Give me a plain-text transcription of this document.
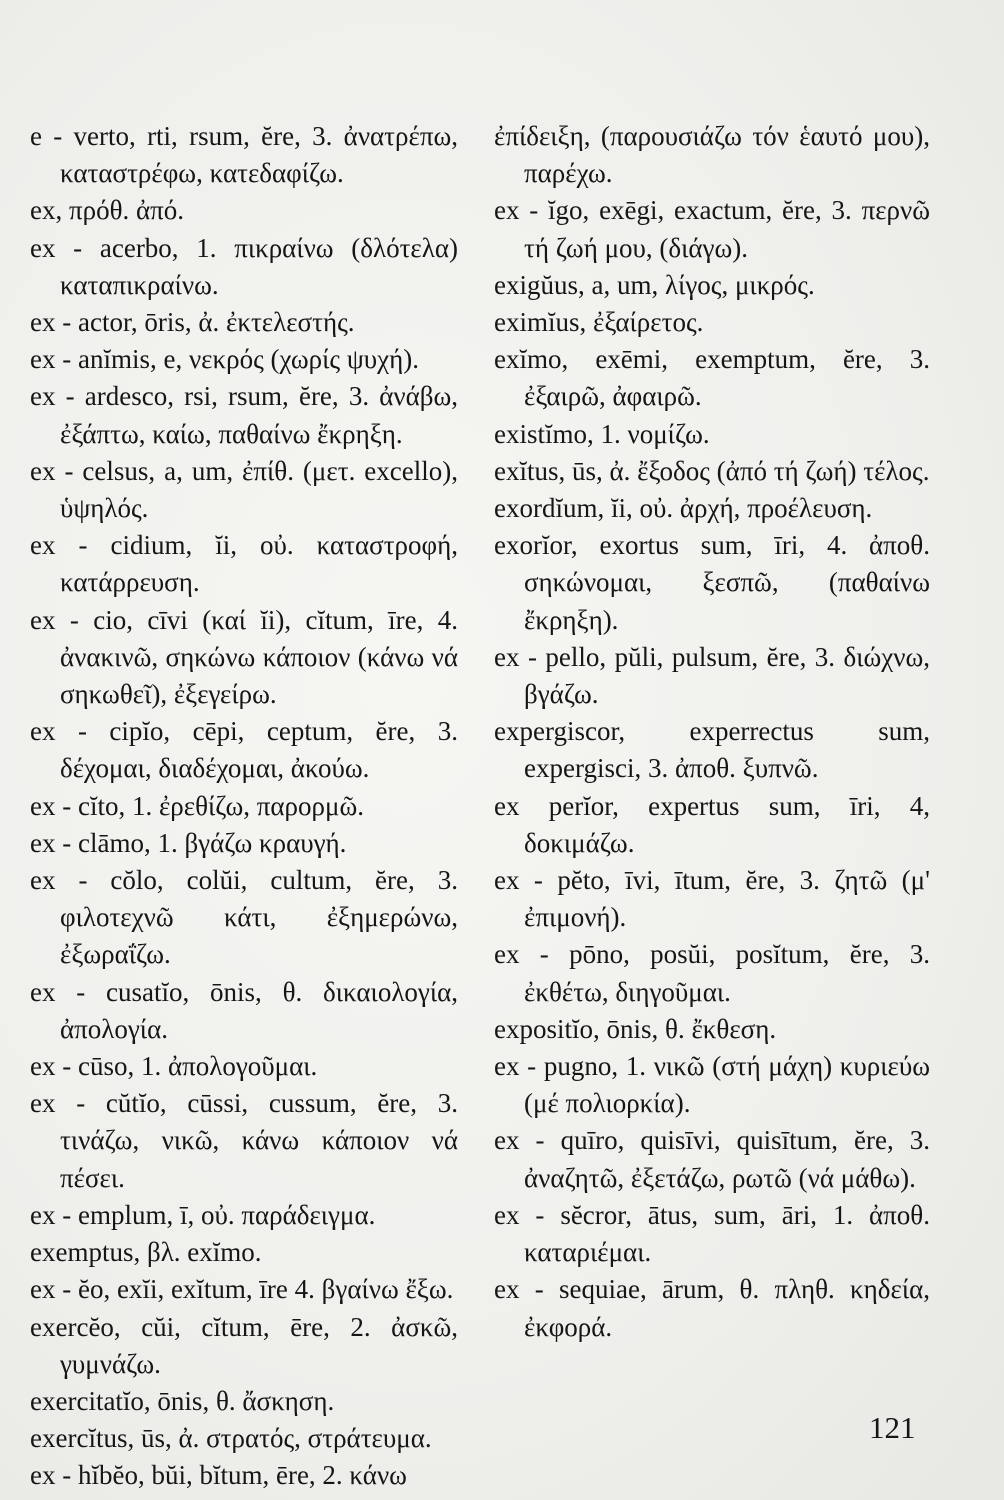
e - verto, rti, rsum, ĕre, 3. ἀνατρέπω, καταστρέφω, κατεδαφίζω.

ex, πρόθ. ἀπό.

ex - acerbo, 1. πικραίνω (δλότελα) καταπικραίνω.

ex - actor, ōris, ἀ. ἐκτελεστής.

ex - anĭmis, e, νεκρός (χωρίς ψυχή).

ex - ardesco, rsi, rsum, ĕre, 3. ἀνάβω, ἐξάπτω, καίω, παθαίνω ἔκρηξη.

ex - celsus, a, um, ἐπίθ. (μετ. excello), ὑψηλός.

ex - cidium, ĭi, οὐ. καταστροφή, κατάρρευση.

ex - cio, cīvi (καί ĭi), cĭtum, īre, 4. ἀνακινῶ, σηκώνω κάποιον (κάνω νά σηκωθεῖ), ἐξεγείρω.

ex - cipĭo, cēpi, ceptum, ĕre, 3. δέχομαι, διαδέχομαι, ἀκούω.

ex - cĭto, 1. ἐρεθίζω, παρορμῶ.

ex - clāmo, 1. βγάζω κραυγή.

ex - cŏlo, colŭi, cultum, ĕre, 3. φιλοτεχνῶ κάτι, ἐξημερώνω, ἐξωραΐζω.

ex - cusatĭo, ōnis, θ. δικαιολογία, ἀπολογία.

ex - cūso, 1. ἀπολογοῦμαι.

ex - cŭtĭo, cūssi, cussum, ĕre, 3. τινάζω, νικῶ, κάνω κάποιον νά πέσει.

ex - emplum, ī, οὐ. παράδειγμα.

exemptus, βλ. exĭmo.

ex - ĕo, exĭi, exĭtum, īre 4. βγαίνω ἔξω.

exercĕo, cŭi, cĭtum, ēre, 2. ἀσκῶ, γυμνάζω.

exercitatĭo, ōnis, θ. ἄσκηση.

exercĭtus, ūs, ἀ. στρατός, στράτευμα.

ex - hĭbĕo, bŭi, bĭtum, ēre, 2. κάνω

ἐπίδειξη, (παρουσιάζω τόν ἑαυτό μου), παρέχω.

ex - ĭgo, exēgi, exactum, ĕre, 3. περνῶ τή ζωή μου, (διάγω).

exigŭus, a, um, λίγος, μικρός.

eximĭus, ἐξαίρετος.

exĭmo, exēmi, exemptum, ĕre, 3. ἐξαιρῶ, ἀφαιρῶ.

existĭmo, 1. νομίζω.

exĭtus, ūs, ἀ. ἔξοδος (ἀπό τή ζωή) τέλος.

exordĭum, ĭi, οὐ. ἀρχή, προέλευση.

exorĭor, exortus sum, īri, 4. ἀποθ. σηκώνομαι, ξεσπῶ, (παθαίνω ἔκρηξη).

ex - pello, pŭli, pulsum, ĕre, 3. διώχνω, βγάζω.

expergiscor, experrectus sum, expergisci, 3. ἀποθ. ξυπνῶ.

ex perĭor, expertus sum, īri, 4, δοκιμάζω.

ex - pĕto, īvi, ītum, ĕre, 3. ζητῶ (μ' ἐπιμονή).

ex - pōno, posŭi, posĭtum, ĕre, 3. ἐκθέτω, διηγοῦμαι.

expositĭo, ōnis, θ. ἔκθεση.

ex - pugno, 1. νικῶ (στή μάχη) κυριεύω (μέ πολιορκία).

ex - quīro, quisīvi, quisītum, ĕre, 3. ἀναζητῶ, ἐξετάζω, ρωτῶ (νά μάθω).

ex - sĕcror, ātus, sum, āri, 1. ἀποθ. καταριέμαι.

ex - sequiae, ārum, θ. πληθ. κηδεία, ἐκφορά.

121
